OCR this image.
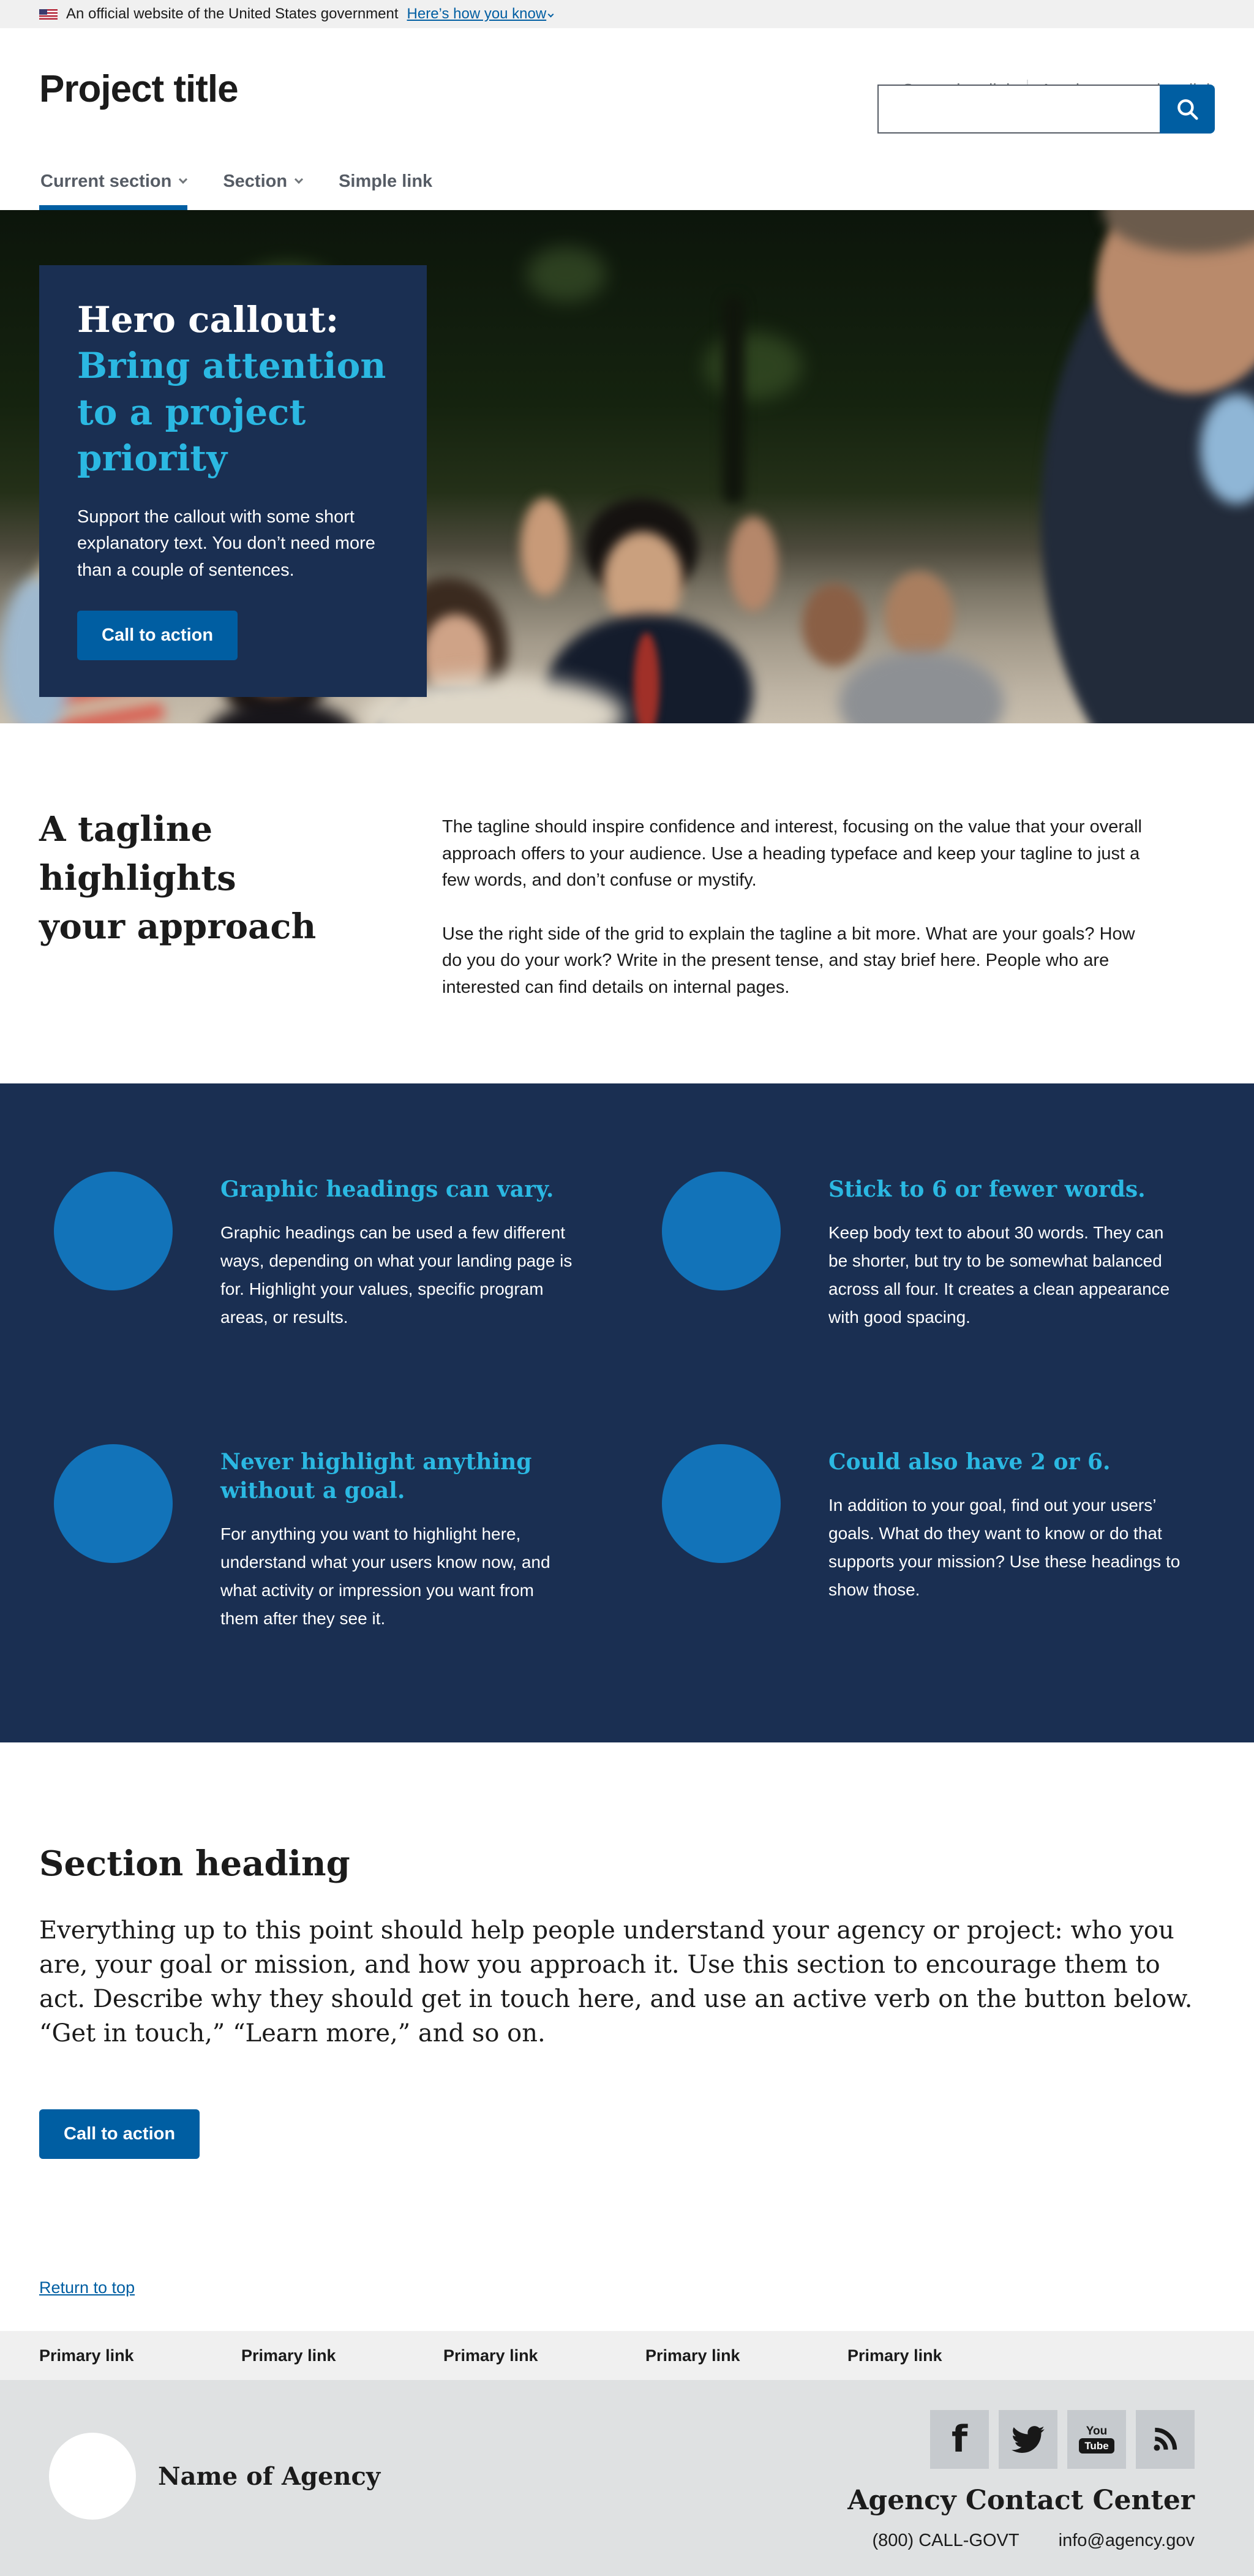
An official website of the United States government Here’s how you know
Project title
Current section	Section	Simple link
Hero callout: Bring attention to a project priority

Support the callout with some short explanatory text. You don’t need more than a couple of sentences.

Call to action
A tagline highlights your approach

The tagline should inspire confidence and interest, focusing on the value that your overall approach offers to your audience. Use a heading typeface and keep your tagline to just a few words, and don’t confuse or mystify.

Use the right side of the grid to explain the tagline a bit more. What are your goals? How do you do your work? Write in the present tense, and stay brief here. People who are interested can find details on internal pages.

Graphic headings can vary.

Graphic headings can be used a few different ways, depending on what your landing page is for. Highlight your values, specific program areas, or results.

Stick to 6 or fewer words.

Keep body text to about 30 words. They can be shorter, but try to be somewhat balanced across all four. It creates a clean appearance with good spacing.

Never highlight anything without a goal.

For anything you want to highlight here, understand what your users know now, and what activity or impression you want from them after they see it.

Could also have 2 or 6.

In addition to your goal, find out your users’ goals. What do they want to know or do that supports your mission? Use these headings to show those.

Section heading

Everything up to this point should help people understand your agency or project: who you are, your goal or mission, and how you approach it. Use this section to encourage them to act. Describe why they should get in touch here, and use an active verb on the button below. “Get in touch,” “Learn more,” and so on.

Call to action
Return to top
Primary link	Primary link	Primary link	Primary link	Primary link
Name of Agency
f	You
Tube
Agency Contact Center
(800) CALL-GOVT info@agency.gov
